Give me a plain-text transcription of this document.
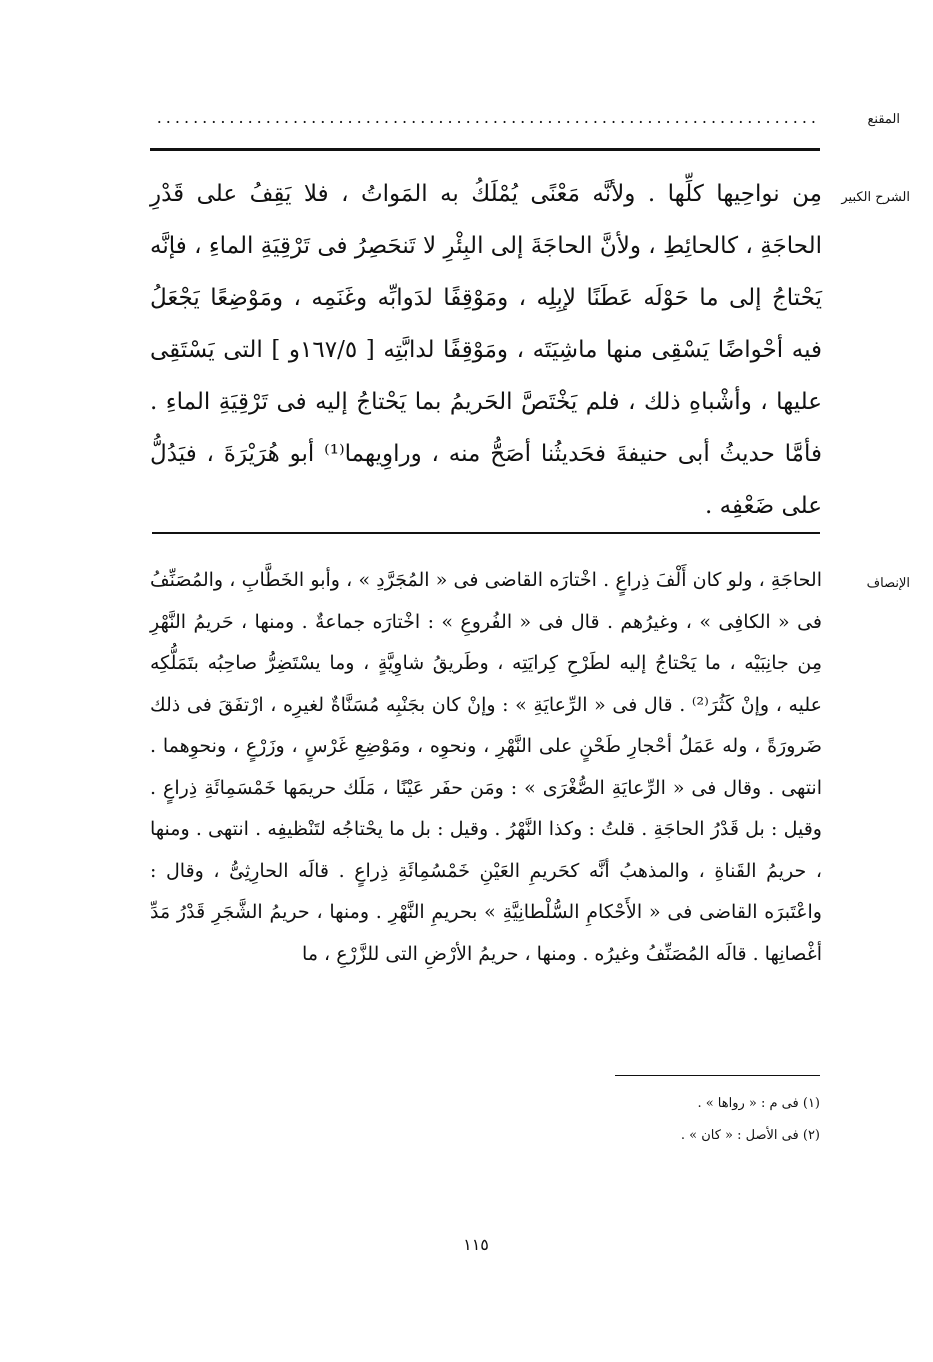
المقنع
.........................................................................
الشرح الكبير

مِن نواحِيها كلِّها . ولأنَّه مَعْنًى يُمْلَكُ به المَواتُ ، فلا يَقِفُ على قَدْرِ الحاجَةِ ، كالحائِطِ ، ولأنَّ الحاجَةَ إلى البِئْرِ لا تَنحَصِرُ فى تَرْقِيَةِ الماءِ ، فإنَّه يَحْتاجُ إلى ما حَوْلَه عَطَنًا لإبِلِه ، ومَوْقِفًا لدَوابِّه وغَنَمِه ، ومَوْضِعًا يَجْعَلُ فيه أحْواضًا يَسْقِى منها ماشِيَتَه ، ومَوْقِفًا لدابَّتِه [ ١٦٧/٥و ] التى يَسْتَقِى عليها ، وأشْباهِ ذلك ، فلم يَخْتَصَّ الحَريمُ بما يَحْتاجُ إليه فى تَرْقِيَةِ الماءِ . فأمَّا حديثُ أبى حنيفةَ فحَديثُنا أصَحُّ منه ، وراوِيهما⁽¹⁾ أبو هُرَيْرَةَ ، فيَدُلُّ على ضَعْفِه .

الإنصاف

الحاجَةِ ، ولو كان أَلْفَ ذِراعٍ . اخْتارَه القاضى فى « المُجَرَّدِ » ، وأبو الخَطَّابِ ، والمُصَنِّفُ فى « الكافِى » ، وغيرُهم . قال فى « الفُروعِ » : اخْتارَه جماعةٌ . ومنها ، حَريمُ النَّهْرِ مِن جانِبَيْه ، ما يَحْتاجُ إليه لطَرْحِ كِرايَتِه ، وطَريقُ شاوِيَّةٍ ، وما يسْتَضِرُّ صاحِبُه بتَمَلُّكِه عليه ، وإنْ كَثُرَ⁽²⁾ . قال فى « الرِّعايَةِ » : وإنْ كان بجَنْبِه مُسَنَّاةٌ لغيرِه ، ارْتفَقَ فى ذلك ضَرورَةً ، وله عَمَلُ أحْجارِ طَحْنٍ على النَّهْرِ ، ونحوِه ، ومَوْضِعِ غَرْسٍ ، وزَرْعٍ ، ونحوِهما . انتهى . وقال فى « الرِّعايَةِ الصُّغْرَى » : ومَن حفَر عَيْنًا ، مَلَك حريمَها خَمْسَمِائَةِ ذِراعٍ . وقيل : بل قَدْرُ الحاجَةِ . قلتُ : وكذا النَّهْرُ . وقيل : بل ما يحْتاجُه لتَنْظيفِه . انتهى . ومنها ، حريمُ القَناةِ ، والمذهبُ أنَّه كحَريمِ العَيْنِ خَمْسُمِائَةِ ذِراعٍ . قالَه الحارِثِىُّ ، وقال : واعْتَبرَه القاضى فى « الأَحْكامِ السُّلْطانِيَّةِ » بحريمِ النَّهْرِ . ومنها ، حريمُ الشَّجَرِ قَدْرُ مَدِّ أغْصانِها . قالَه المُصَنِّفُ وغيرُه . ومنها ، حريمُ الأرْضِ التى للزَّرْعِ ، ما

(١) فى م : « رواها » .
(٢) فى الأصل : « كان » .
١١٥
